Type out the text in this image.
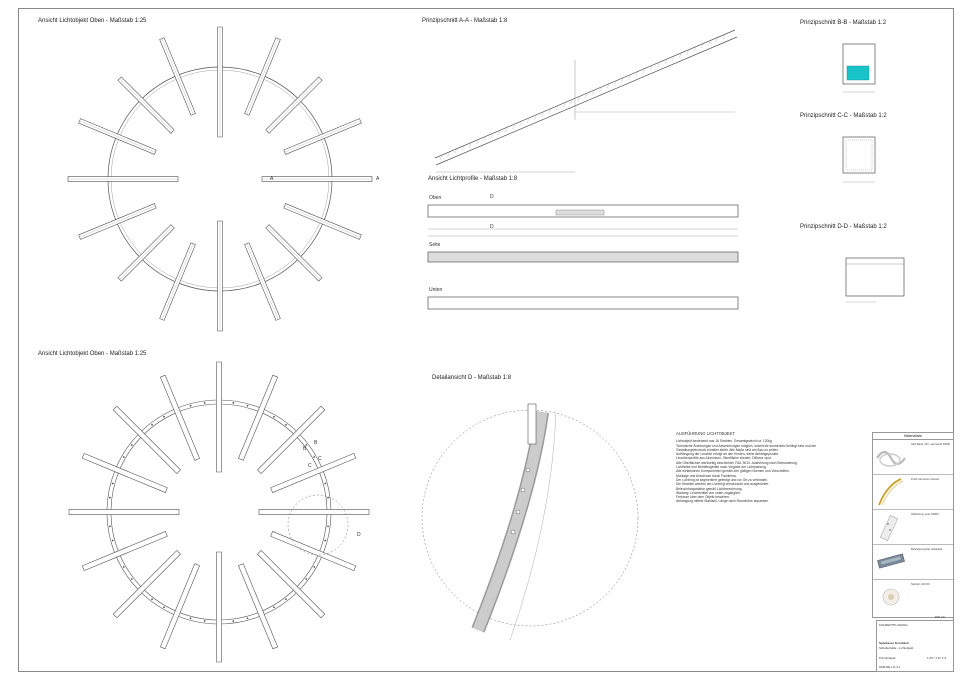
Ansicht Lichtobjekt Oben - Maßstab 1:25
Ansicht Lichtobjekt Oben - Maßstab 1:25
Prinzipschnitt A-A - Maßstab 1:8	Prinzipschnitt B-B - Maßstab 1:2
Prinzipschnitt C-C - Maßstab 1:2
Prinzipschnitt D-D - Maßstab 1:2
Ansicht Lichtprofile - Maßstab 1:8
Detailansicht D - Maßstab 1:8
Oben
Seite
Unten
A	A
D
D
B
B
C
C
D
AUSFÜHRUNG LICHTOBJEKT
Lichtobjekt bestehend aus 16 Strahlen. Gesamtgewicht ca. 120kg.
Technische Änderungen und Abweichungen möglich, soweit sie konstruktiv bedingt sind und der
Gestaltungseindruck erhalten bleibt. Alle Maße sind am Bau zu prüfen.
Aufhängung der Leuchte erfolgt an den Knoten, siehe Abhängepunkte.
Leuchtenprofile aus Aluminium, Oberfläche eloxiert, Diffusor opal.
Alle Oberflächen werkseitig beschichtet, RAL 9010. Ausführung nach Bemusterung.
Lichtfarbe und Betriebsgeräte nach Vorgabe der Lichtplanung.
Alle elektrischen Komponenten gemäß den gültigen Normen und Vorschriften.
Montage und Anschluss durch Fachfirma.
Der Lichtring ist segmentiert gefertigt und vor Ort zu verbinden.
Die Strahlen werden am Lichtring verschraubt und ausgerichtet.
Beleuchtungsstärke gemäß Lichtberechnung.
Wartung: Leuchtmittel von unten zugänglich.
Freiraum über dem Objekt beachten.
Abhängung mittels Stahlseil, Länge nach Raumhöhe anpassen.
Materialliste
LED-Band, 24V, warmweiß 3000K
Profil, Aluminium eloxiert
Abdeckung opal, PMMA
Befestigungsclip, Edelstahl
Netzteil, 24V DC
DIN A3
KONZEPTPLANUNG
Sparkasse Kornbach
Schalterhalle - Lichtobjekt
Prinzipdetail	1:25 / 1:8 / 1:2
SKB-DE-LO-4-1
